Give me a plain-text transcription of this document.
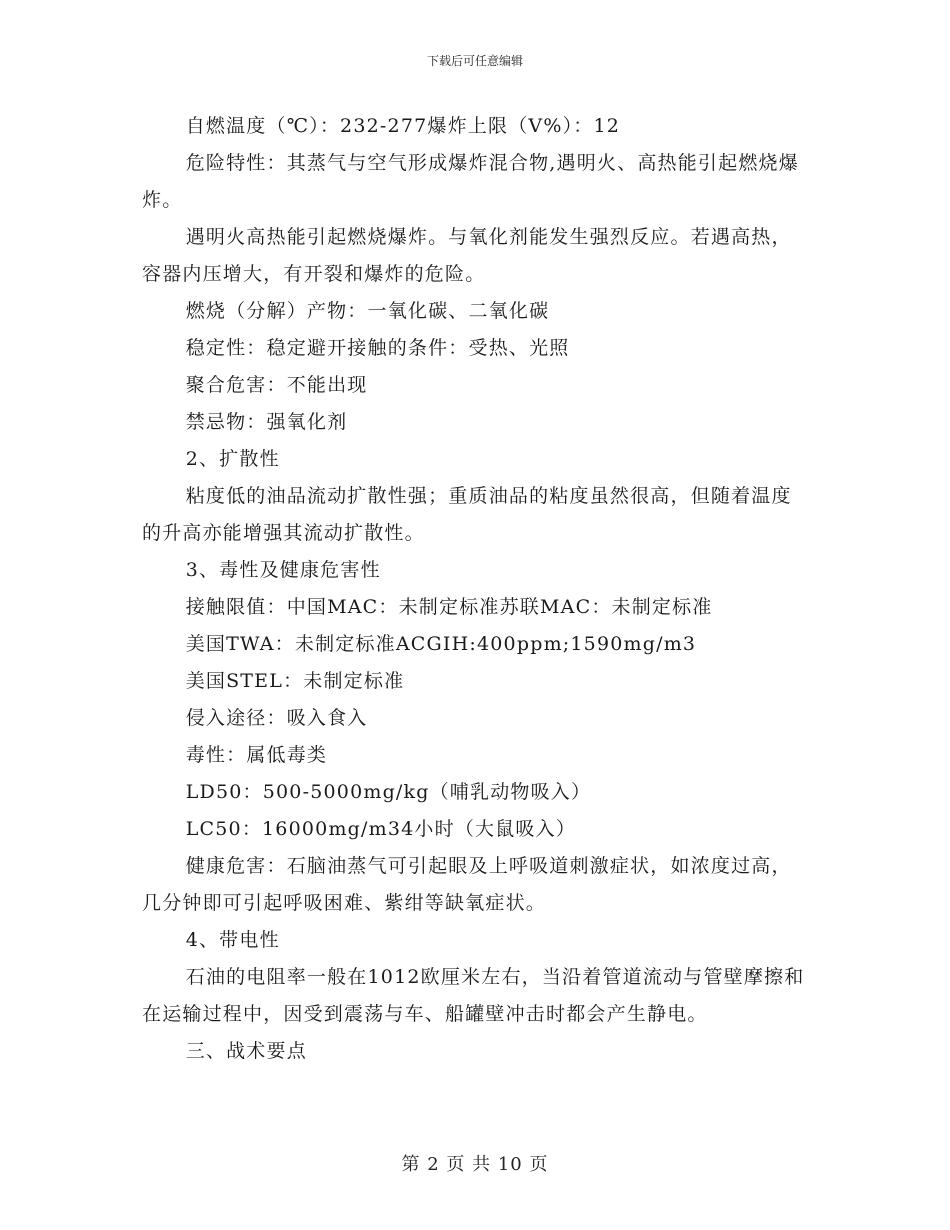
下载后可任意编辑

自燃温度（℃）：232-277爆炸上限（V%）：12

危险特性：其蒸气与空气形成爆炸混合物,遇明火、高热能引起燃烧爆炸。

遇明火高热能引起燃烧爆炸。与氧化剂能发生强烈反应。若遇高热，容器内压增大，有开裂和爆炸的危险。

燃烧（分解）产物：一氧化碳、二氧化碳

稳定性：稳定避开接触的条件：受热、光照

聚合危害：不能出现

禁忌物：强氧化剂

2、扩散性

粘度低的油品流动扩散性强；重质油品的粘度虽然很高，但随着温度的升高亦能增强其流动扩散性。

3、毒性及健康危害性

接触限值：中国MAC：未制定标准苏联MAC：未制定标准

美国TWA：未制定标准ACGIH:400ppm;1590mg/m3

美国STEL：未制定标准

侵入途径：吸入食入

毒性：属低毒类

LD50：500-5000mg/kg（哺乳动物吸入）

LC50：16000mg/m34小时（大鼠吸入）

健康危害：石脑油蒸气可引起眼及上呼吸道刺激症状，如浓度过高，几分钟即可引起呼吸困难、紫绀等缺氧症状。

4、带电性

石油的电阻率一般在1012欧厘米左右，当沿着管道流动与管壁摩擦和在运输过程中，因受到震荡与车、船罐壁冲击时都会产生静电。

三、战术要点

第 2 页 共 10 页
